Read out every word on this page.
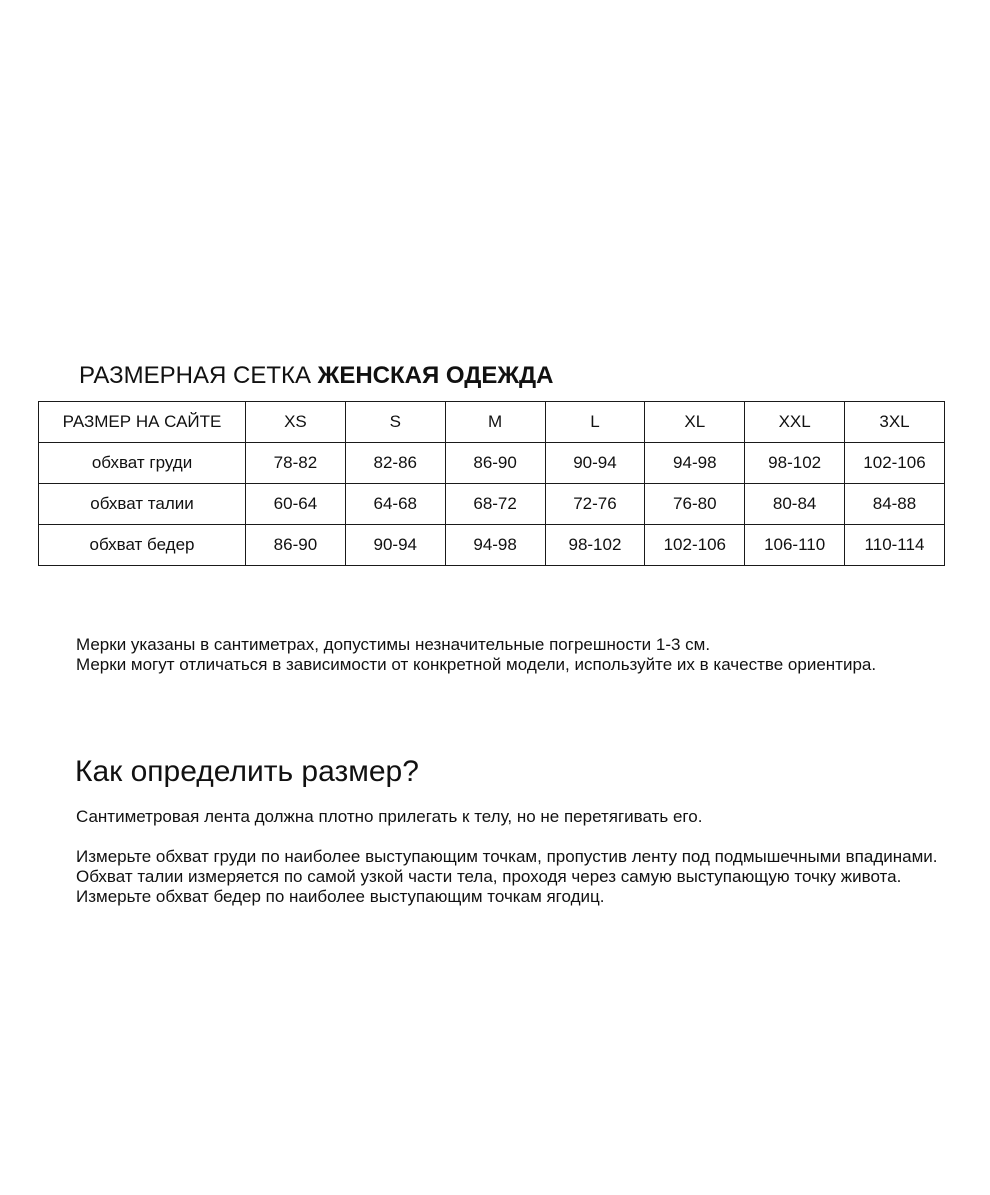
РАЗМЕРНАЯ СЕТКА ЖЕНСКАЯ ОДЕЖДА
РАЗМЕР НА САЙТЕ	XS	S	M	L	XL	XXL	3XL
обхват груди	78-82	82-86	86-90	90-94	94-98	98-102	102-106
обхват талии	60-64	64-68	68-72	72-76	76-80	80-84	84-88
обхват бедер	86-90	90-94	94-98	98-102	102-106	106-110	110-114

Мерки указаны в сантиметрах, допустимы незначительные погрешности 1-3 см.

Мерки могут отличаться в зависимости от конкретной модели, используйте их в качестве ориентира.

Как определить размер?

Сантиметровая лента должна плотно прилегать к телу, но не перетягивать его.

Измерьте обхват груди по наиболее выступающим точкам, пропустив ленту под подмышечными впадинами. Обхват талии измеряется по самой узкой части тела, проходя через самую выступающую точку живота. Измерьте обхват бедер по наиболее выступающим точкам ягодиц.
